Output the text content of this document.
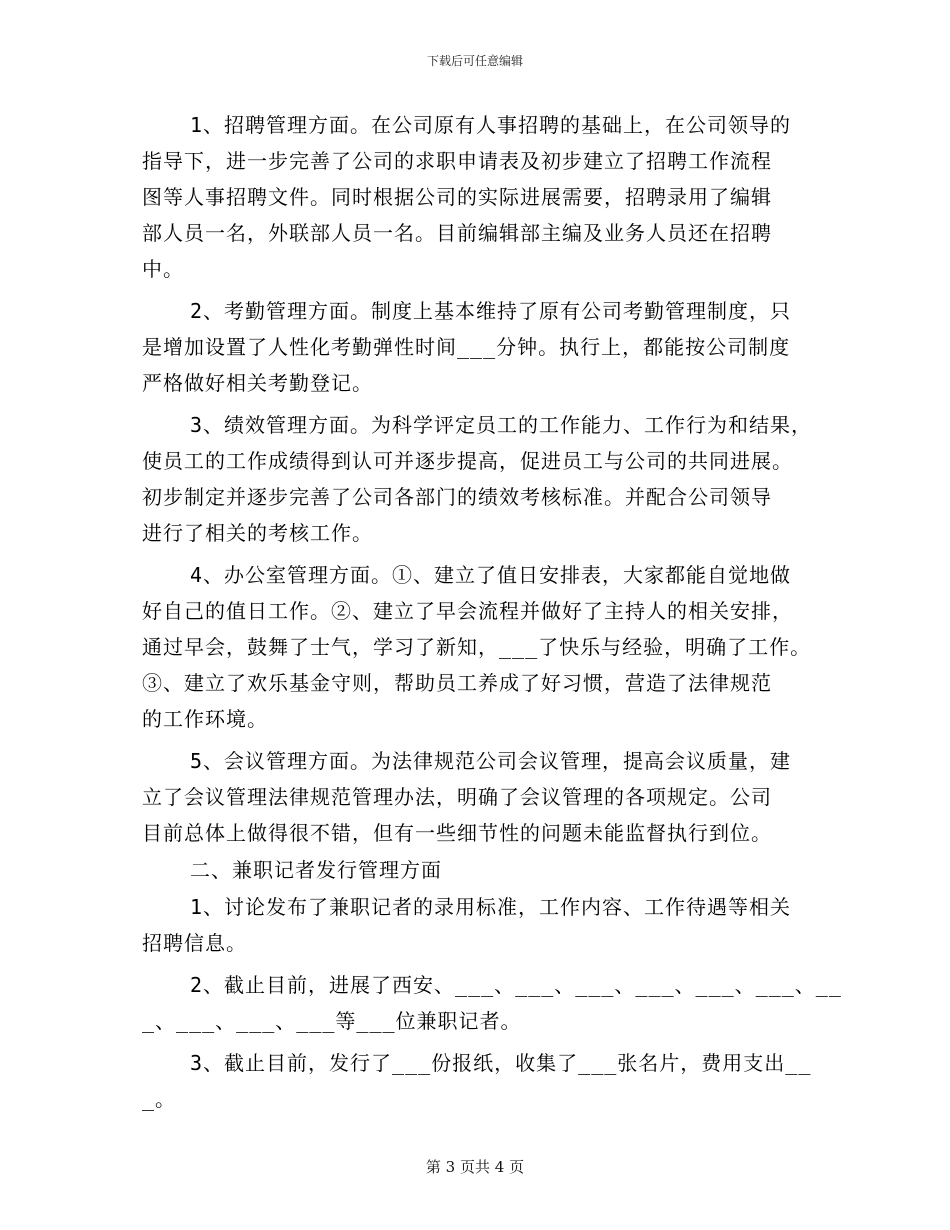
下载后可任意编辑
1、招聘管理方面。在公司原有人事招聘的基础上，在公司领导的
指导下，进一步完善了公司的求职申请表及初步建立了招聘工作流程
图等人事招聘文件。同时根据公司的实际进展需要，招聘录用了编辑
部人员一名，外联部人员一名。目前编辑部主编及业务人员还在招聘
中。
2、考勤管理方面。制度上基本维持了原有公司考勤管理制度，只
是增加设置了人性化考勤弹性时间___分钟。执行上，都能按公司制度
严格做好相关考勤登记。
3、绩效管理方面。为科学评定员工的工作能力、工作行为和结果，
使员工的工作成绩得到认可并逐步提高，促进员工与公司的共同进展。
初步制定并逐步完善了公司各部门的绩效考核标准。并配合公司领导
进行了相关的考核工作。
4、办公室管理方面。①、建立了值日安排表，大家都能自觉地做
好自己的值日工作。②、建立了早会流程并做好了主持人的相关安排，
通过早会，鼓舞了士气，学习了新知，___了快乐与经验，明确了工作。
③、建立了欢乐基金守则，帮助员工养成了好习惯，营造了法律规范
的工作环境。
5、会议管理方面。为法律规范公司会议管理，提高会议质量，建
立了会议管理法律规范管理办法，明确了会议管理的各项规定。公司
目前总体上做得很不错，但有一些细节性的问题未能监督执行到位。
二、兼职记者发行管理方面
1、讨论发布了兼职记者的录用标准，工作内容、工作待遇等相关
招聘信息。
2、截止目前，进展了西安、___、___、___、___、___、___、__
_、___、___、___等___位兼职记者。
3、截止目前，发行了___份报纸，收集了___张名片，费用支出__
_。
第 3 页共 4 页
